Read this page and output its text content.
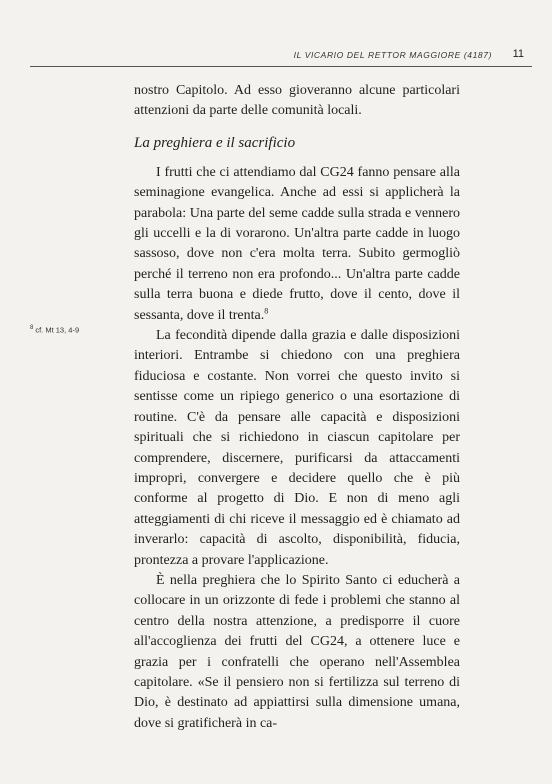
IL VICARIO DEL RETTOR MAGGIORE (4187) 11
$^8$ cf. Mt 13, 4-9

nostro Capitolo. Ad esso gioveranno alcune particolari attenzioni da parte delle comunità locali.

La preghiera e il sacrificio

I frutti che ci attendiamo dal CG24 fanno pensare alla seminagione evangelica. Anche ad essi si applicherà la parabola: Una parte del seme cadde sulla strada e vennero gli uccelli e la di vorarono. Un'altra parte cadde in luogo sassoso, dove non c'era molta terra. Subito germogliò perché il terreno non era profondo... Un'altra parte cadde sulla terra buona e diede frutto, dove il cento, dove il sessanta, dove il trenta.$^8$

La fecondità dipende dalla grazia e dalle disposizioni interiori. Entrambe si chiedono con una preghiera fiduciosa e costante. Non vorrei che questo invito si sentisse come un ripiego generico o una esortazione di routine. C'è da pensare alle capacità e disposizioni spirituali che si richiedono in ciascun capitolare per comprendere, discernere, purificarsi da attaccamenti impropri, convergere e decidere quello che è più conforme al progetto di Dio. E non di meno agli atteggiamenti di chi riceve il messaggio ed è chiamato ad inverarlo: capacità di ascolto, disponibilità, fiducia, prontezza a provare l'applicazione.

È nella preghiera che lo Spirito Santo ci educherà a collocare in un orizzonte di fede i problemi che stanno al centro della nostra attenzione, a predisporre il cuore all'accoglienza dei frutti del CG24, a ottenere luce e grazia per i confratelli che operano nell'Assemblea capitolare. «Se il pensiero non si fertilizza sul terreno di Dio, è destinato ad appiattirsi sulla dimensione umana, dove si gratificherà in ca-
